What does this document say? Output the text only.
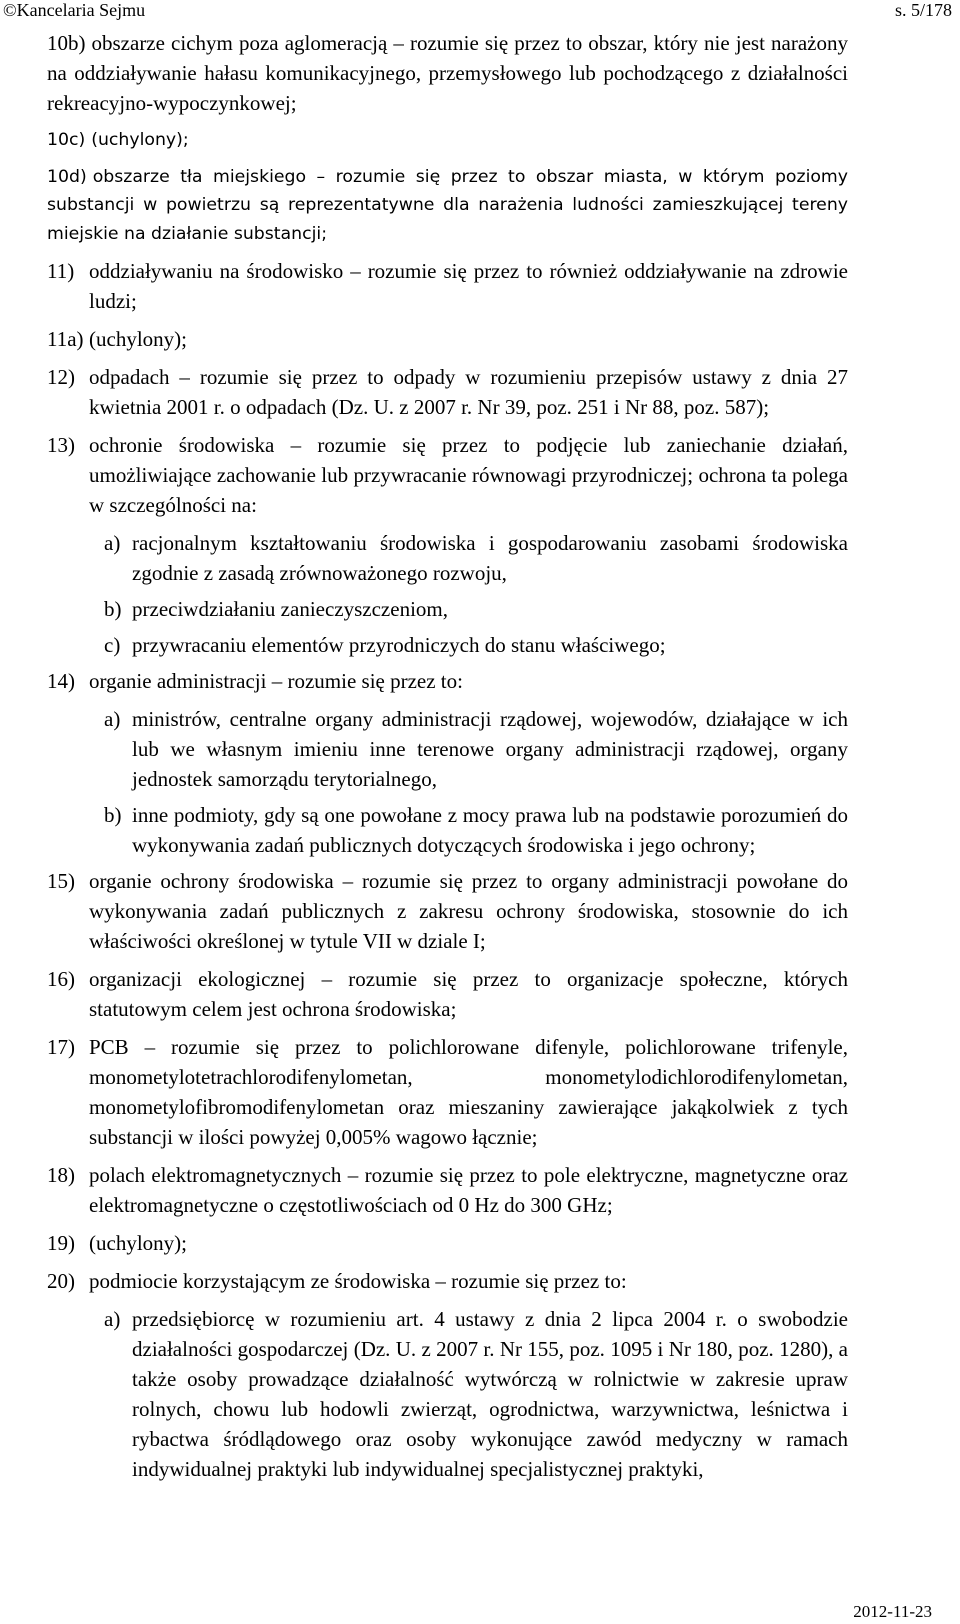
©Kancelaria Sejmu	s. 5/178
10b) obszarze cichym poza aglomeracją – rozumie się przez to obszar, który nie jest narażony na oddziaływanie hałasu komunikacyjnego, przemysłowego lub pochodzącego z działalności rekreacyjno-wypoczynkowej;
10c) (uchylony);
10d) obszarze tła miejskiego – rozumie się przez to obszar miasta, w którym poziomy substancji w powietrzu są reprezentatywne dla narażenia ludności zamieszkującej tereny miejskie na działanie substancji;
11) oddziaływaniu na środowisko – rozumie się przez to również oddziaływanie na zdrowie ludzi;
11a) (uchylony);
12) odpadach – rozumie się przez to odpady w rozumieniu przepisów ustawy z dnia 27 kwietnia 2001 r. o odpadach (Dz. U. z 2007 r. Nr 39, poz. 251 i Nr 88, poz. 587);
13) ochronie środowiska – rozumie się przez to podjęcie lub zaniechanie działań, umożliwiające zachowanie lub przywracanie równowagi przyrodniczej; ochrona ta polega w szczególności na:
a) racjonalnym kształtowaniu środowiska i gospodarowaniu zasobami środowiska zgodnie z zasadą zrównoważonego rozwoju,
b) przeciwdziałaniu zanieczyszczeniom,
c) przywracaniu elementów przyrodniczych do stanu właściwego;
14) organie administracji – rozumie się przez to:
a) ministrów, centralne organy administracji rządowej, wojewodów, działające w ich lub we własnym imieniu inne terenowe organy administracji rządowej, organy jednostek samorządu terytorialnego,
b) inne podmioty, gdy są one powołane z mocy prawa lub na podstawie porozumień do wykonywania zadań publicznych dotyczących środowiska i jego ochrony;
15) organie ochrony środowiska – rozumie się przez to organy administracji powołane do wykonywania zadań publicznych z zakresu ochrony środowiska, stosownie do ich właściwości określonej w tytule VII w dziale I;
16) organizacji ekologicznej – rozumie się przez to organizacje społeczne, których statutowym celem jest ochrona środowiska;
17) PCB – rozumie się przez to polichlorowane difenyle, polichlorowane trifenyle, monometylotetrachlorodifenylometan, monometylodichlorodifenylometan, monometylofibromodifenylometan oraz mieszaniny zawierające jakąkolwiek z tych substancji w ilości powyżej 0,005% wagowo łącznie;
18) polach elektromagnetycznych – rozumie się przez to pole elektryczne, magnetyczne oraz elektromagnetyczne o częstotliwościach od 0 Hz do 300 GHz;
19) (uchylony);
20) podmiocie korzystającym ze środowiska – rozumie się przez to:
a) przedsiębiorcę w rozumieniu art. 4 ustawy z dnia 2 lipca 2004 r. o swobodzie działalności gospodarczej (Dz. U. z 2007 r. Nr 155, poz. 1095 i Nr 180, poz. 1280), a także osoby prowadzące działalność wytwórczą w rolnictwie w zakresie upraw rolnych, chowu lub hodowli zwierząt, ogrodnictwa, warzywnictwa, leśnictwa i rybactwa śródlądowego oraz osoby wykonujące zawód medyczny w ramach indywidualnej praktyki lub indywidualnej specjalistycznej praktyki,
2012-11-23
